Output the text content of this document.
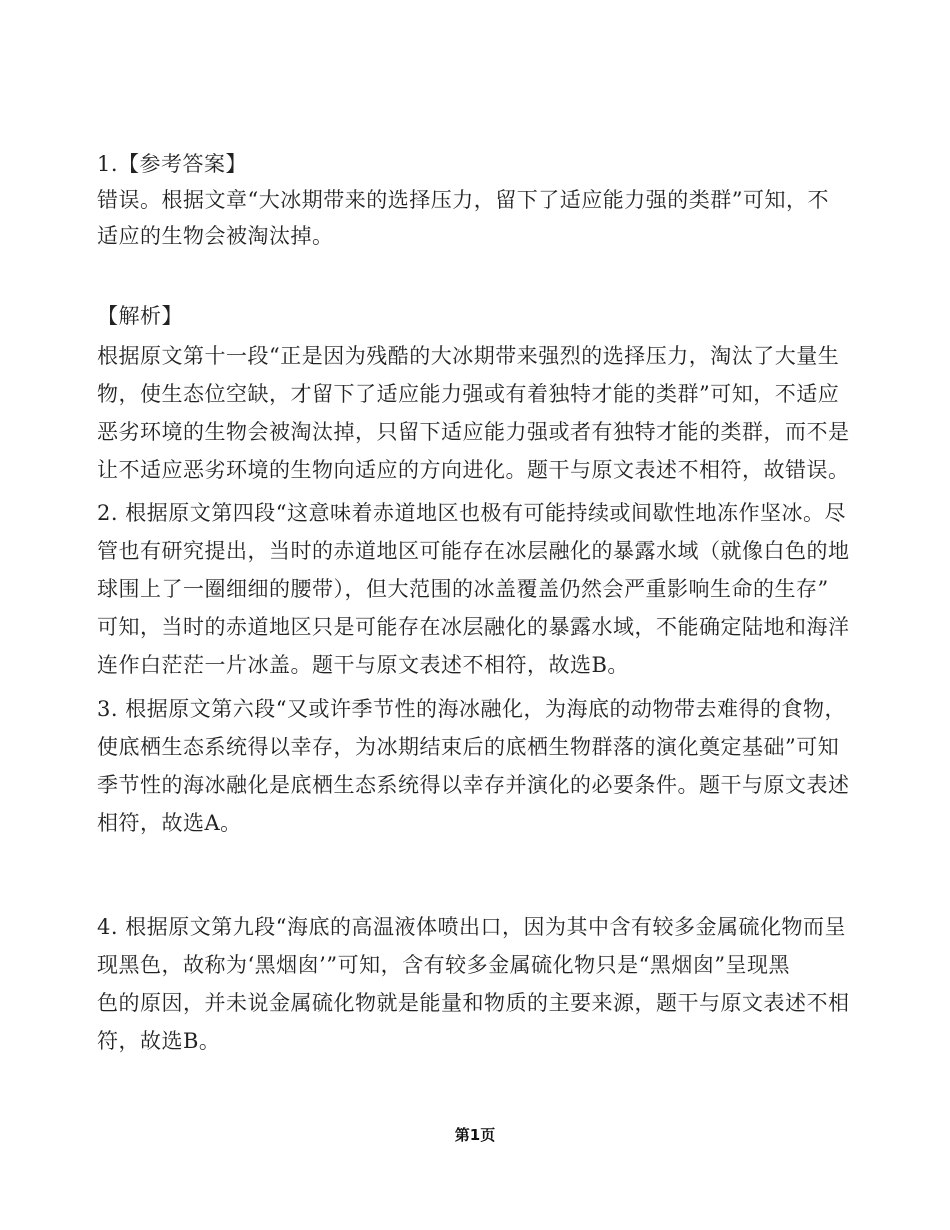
1.【参考答案】
错误。根据文章“大冰期带来的选择压力，留下了适应能力强的类群”可知，不
适应的生物会被淘汰掉。
【解析】
根据原文第十一段“正是因为残酷的大冰期带来强烈的选择压力，淘汰了大量生
物，使生态位空缺，才留下了适应能力强或有着独特才能的类群”可知，不适应
恶劣环境的生物会被淘汰掉，只留下适应能力强或者有独特才能的类群，而不是
让不适应恶劣环境的生物向适应的方向进化。题干与原文表述不相符，故错误。
2. 根据原文第四段“这意味着赤道地区也极有可能持续或间歇性地冻作坚冰。尽
管也有研究提出，当时的赤道地区可能存在冰层融化的暴露水域（就像白色的地
球围上了一圈细细的腰带），但大范围的冰盖覆盖仍然会严重影响生命的生存”
可知，当时的赤道地区只是可能存在冰层融化的暴露水域，不能确定陆地和海洋
连作白茫茫一片冰盖。题干与原文表述不相符，故选B。
3. 根据原文第六段“又或许季节性的海冰融化，为海底的动物带去难得的食物，
使底栖生态系统得以幸存，为冰期结束后的底栖生物群落的演化奠定基础”可知
季节性的海冰融化是底栖生态系统得以幸存并演化的必要条件。题干与原文表述
相符，故选A。
4. 根据原文第九段“海底的高温液体喷出口，因为其中含有较多金属硫化物而呈
现黑色，故称为‘黑烟囱’”可知，含有较多金属硫化物只是“黑烟囱”呈现黑
色的原因，并未说金属硫化物就是能量和物质的主要来源，题干与原文表述不相
符，故选B。
第1页
